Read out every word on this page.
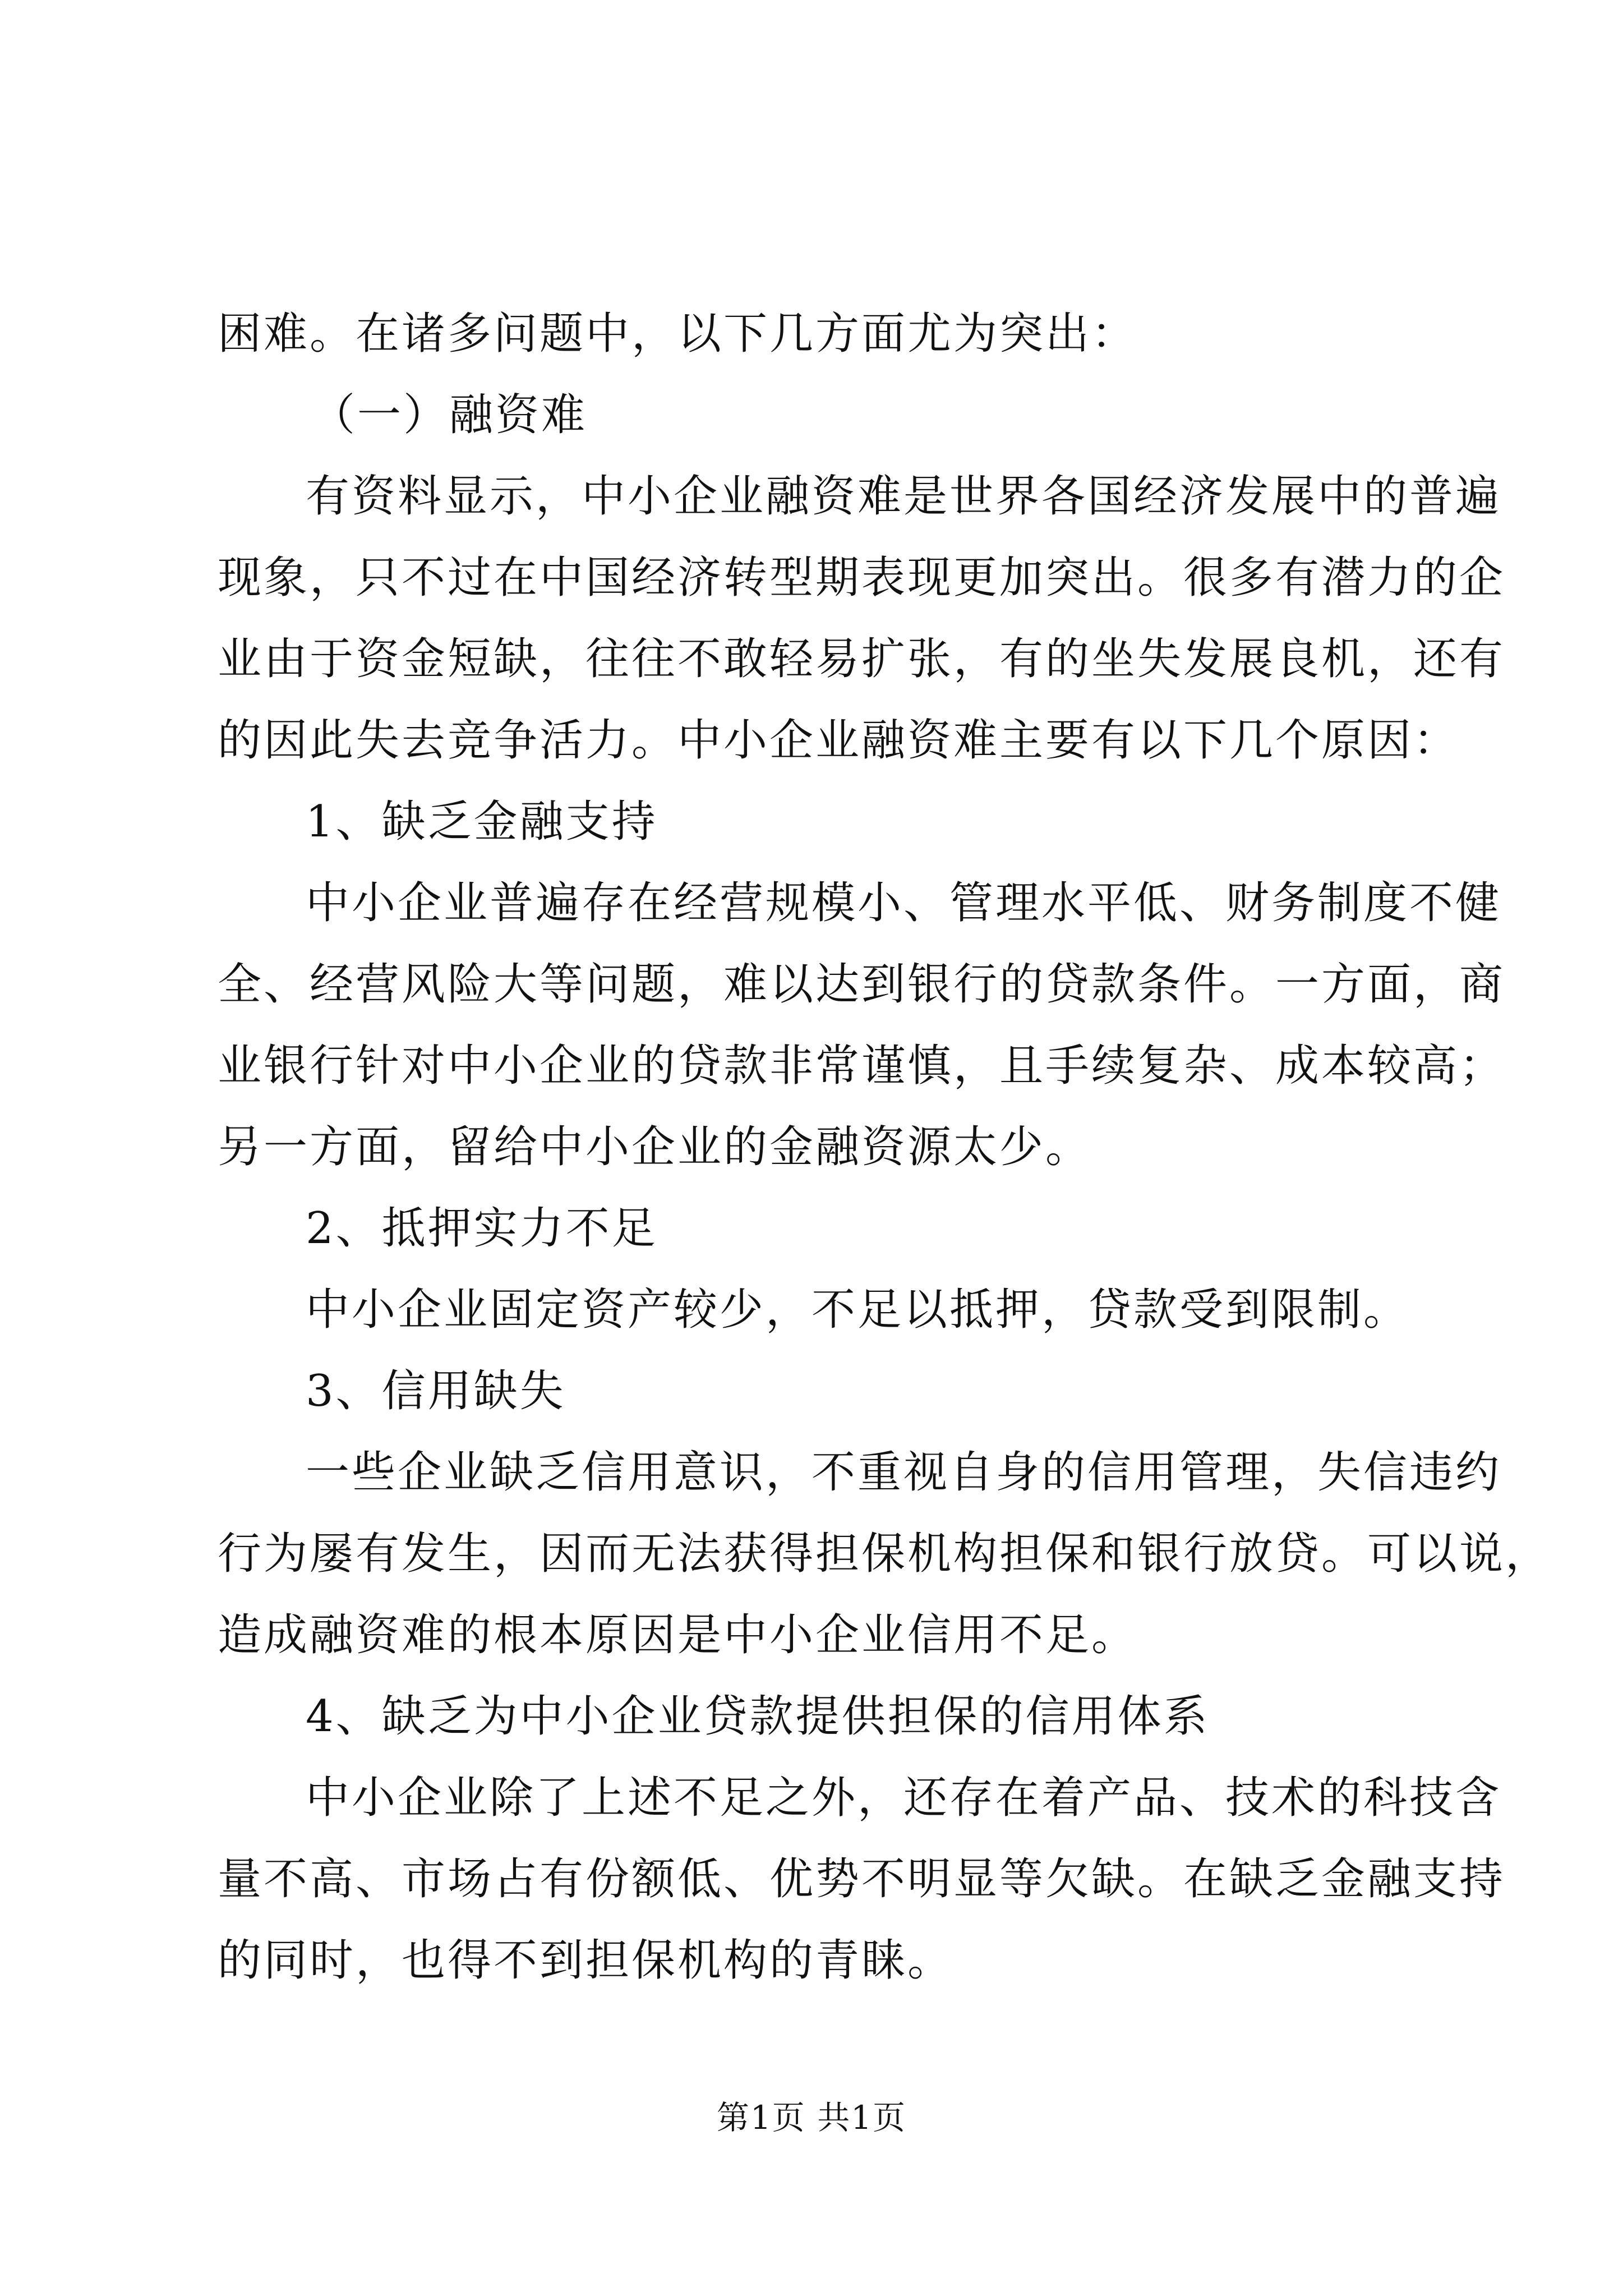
困难。在诸多问题中，以下几方面尤为突出：
（一）融资难
有资料显示，中小企业融资难是世界各国经济发展中的普遍
现象，只不过在中国经济转型期表现更加突出。很多有潜力的企
业由于资金短缺，往往不敢轻易扩张，有的坐失发展良机，还有
的因此失去竞争活力。中小企业融资难主要有以下几个原因：
1、缺乏金融支持
中小企业普遍存在经营规模小、管理水平低、财务制度不健
全、经营风险大等问题，难以达到银行的贷款条件。一方面，商
业银行针对中小企业的贷款非常谨慎，且手续复杂、成本较高；
另一方面，留给中小企业的金融资源太少。
2、抵押实力不足
中小企业固定资产较少，不足以抵押，贷款受到限制。
3、信用缺失
一些企业缺乏信用意识，不重视自身的信用管理，失信违约
行为屡有发生，因而无法获得担保机构担保和银行放贷。可以说，
造成融资难的根本原因是中小企业信用不足。
4、缺乏为中小企业贷款提供担保的信用体系
中小企业除了上述不足之外，还存在着产品、技术的科技含
量不高、市场占有份额低、优势不明显等欠缺。在缺乏金融支持
的同时，也得不到担保机构的青睐。
第1页 共1页
